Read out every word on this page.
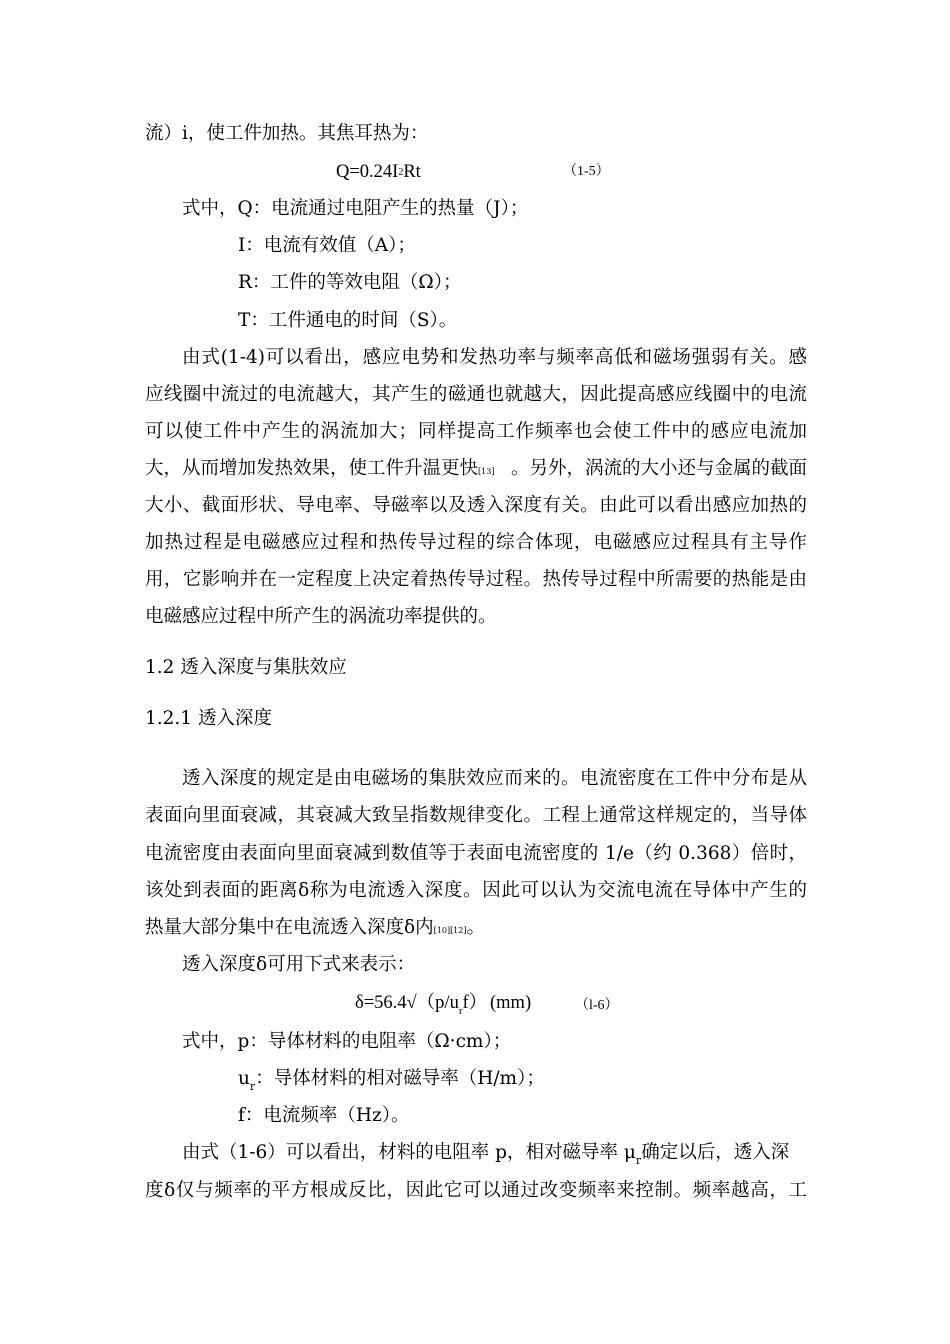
流）i，使工件加热。其焦耳热为：
Q=0.24I2Rt	（1-5）
式中，Q：电流通过电阻产生的热量（J）；
I：电流有效值（A）；
R：工件的等效电阻（Ω）；
T：工件通电的时间（S）。
由式(1-4)可以看出，感应电势和发热功率与频率高低和磁场强弱有关。感
应线圈中流过的电流越大，其产生的磁通也就越大，因此提高感应线圈中的电流
可以使工件中产生的涡流加大；同样提高工作频率也会使工件中的感应电流加
大，从而增加发热效果，使工件升温更快[13] 。另外，涡流的大小还与金属的截面
大小、截面形状、导电率、导磁率以及透入深度有关。由此可以看出感应加热的
加热过程是电磁感应过程和热传导过程的综合体现，电磁感应过程具有主导作
用，它影响并在一定程度上决定着热传导过程。热传导过程中所需要的热能是由
电磁感应过程中所产生的涡流功率提供的。
1.2 透入深度与集肤效应
1.2.1 透入深度
透入深度的规定是由电磁场的集肤效应而来的。电流密度在工件中分布是从
表面向里面衰减，其衰减大致呈指数规律变化。工程上通常这样规定的，当导体
电流密度由表面向里面衰减到数值等于表面电流密度的 1/e（约 0.368）倍时，
该处到表面的距离δ称为电流透入深度。因此可以认为交流电流在导体中产生的
热量大部分集中在电流透入深度δ内[10][12]。
透入深度δ可用下式来表示：
$\delta=56.4√(p/u_rf)$ (mm)	（l-6）
式中，p：导体材料的电阻率（Ω·cm）；
$u_r$：导体材料的相对磁导率（H/m）；
f：电流频率（Hz）。
由式（1-6）可以看出，材料的电阻率 p，相对磁导率 $\mu_r$确定以后，透入深
度δ仅与频率的平方根成反比，因此它可以通过改变频率来控制。频率越高，工
